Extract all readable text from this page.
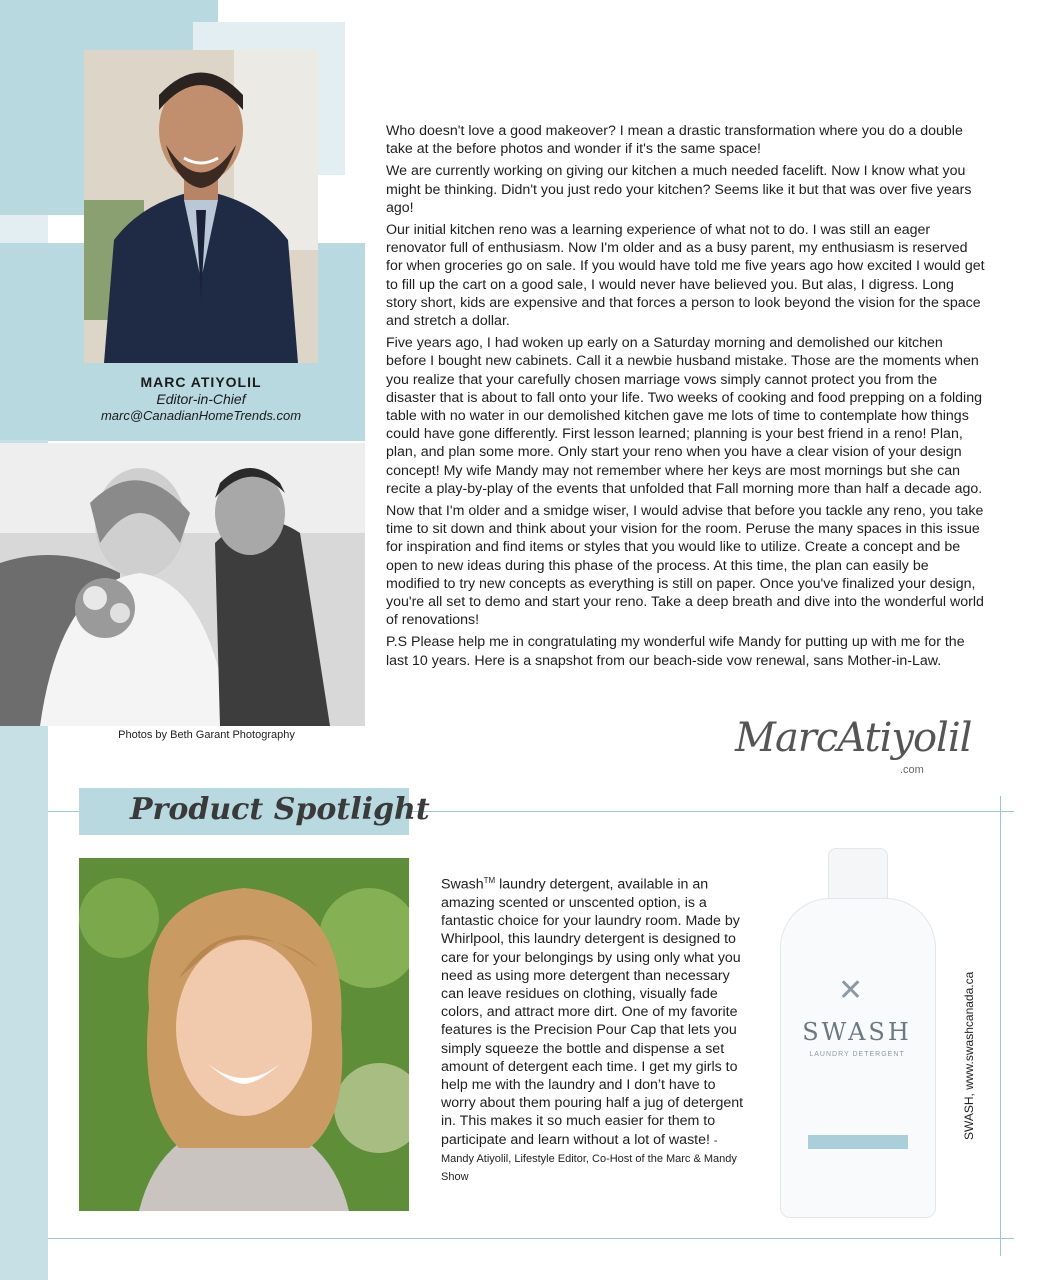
MARC ATIYOLIL
Editor-in-Chief
marc@CanadianHomeTrends.com
Photos by Beth Garant Photography

Who doesn't love a good makeover? I mean a drastic transformation where you do a double take at the before photos and wonder if it's the same space!

We are currently working on giving our kitchen a much needed facelift. Now I know what you might be thinking. Didn't you just redo your kitchen? Seems like it but that was over five years ago!

Our initial kitchen reno was a learning experience of what not to do. I was still an eager renovator full of enthusiasm. Now I'm older and as a busy parent, my enthusiasm is reserved for when groceries go on sale. If you would have told me five years ago how excited I would get to fill up the cart on a good sale, I would never have believed you. But alas, I digress. Long story short, kids are expensive and that forces a person to look beyond the vision for the space and stretch a dollar.

Five years ago, I had woken up early on a Saturday morning and demolished our kitchen before I bought new cabinets. Call it a newbie husband mistake. Those are the moments when you realize that your carefully chosen marriage vows simply cannot protect you from the disaster that is about to fall onto your life. Two weeks of cooking and food prepping on a folding table with no water in our demolished kitchen gave me lots of time to contemplate how things could have gone differently. First lesson learned; planning is your best friend in a reno! Plan, plan, and plan some more. Only start your reno when you have a clear vision of your design concept! My wife Mandy may not remember where her keys are most mornings but she can recite a play-by-play of the events that unfolded that Fall morning more than half a decade ago.

Now that I'm older and a smidge wiser, I would advise that before you tackle any reno, you take time to sit down and think about your vision for the room. Peruse the many spaces in this issue for inspiration and find items or styles that you would like to utilize. Create a concept and be open to new ideas during this phase of the process. At this time, the plan can easily be modified to try new concepts as everything is still on paper. Once you've finalized your design, you're all set to demo and start your reno. Take a deep breath and dive into the wonderful world of renovations!

P.S Please help me in congratulating my wonderful wife Mandy for putting up with me for the last 10 years. Here is a snapshot from our beach-side vow renewal, sans Mother-in-Law.

MarcAtiyolil
.com
Product Spotlight
Swash™ laundry detergent, available in an amazing scented or unscented option, is a fantastic choice for your laundry room. Made by Whirlpool, this laundry detergent is designed to care for your belongings by using only what you need as using more detergent than necessary can leave residues on clothing, visually fade colors, and attract more dirt. One of my favorite features is the Precision Pour Cap that lets you simply squeeze the bottle and dispense a set amount of detergent each time. I get my girls to help me with the laundry and I don’t have to worry about them pouring half a jug of detergent in. This makes it so much easier for them to participate and learn without a lot of waste! - Mandy Atiyolil, Lifestyle Editor, Co-Host of the Marc & Mandy Show
✕
SWASH
LAUNDRY DETERGENT	SWASH, www.swashcanada.ca
